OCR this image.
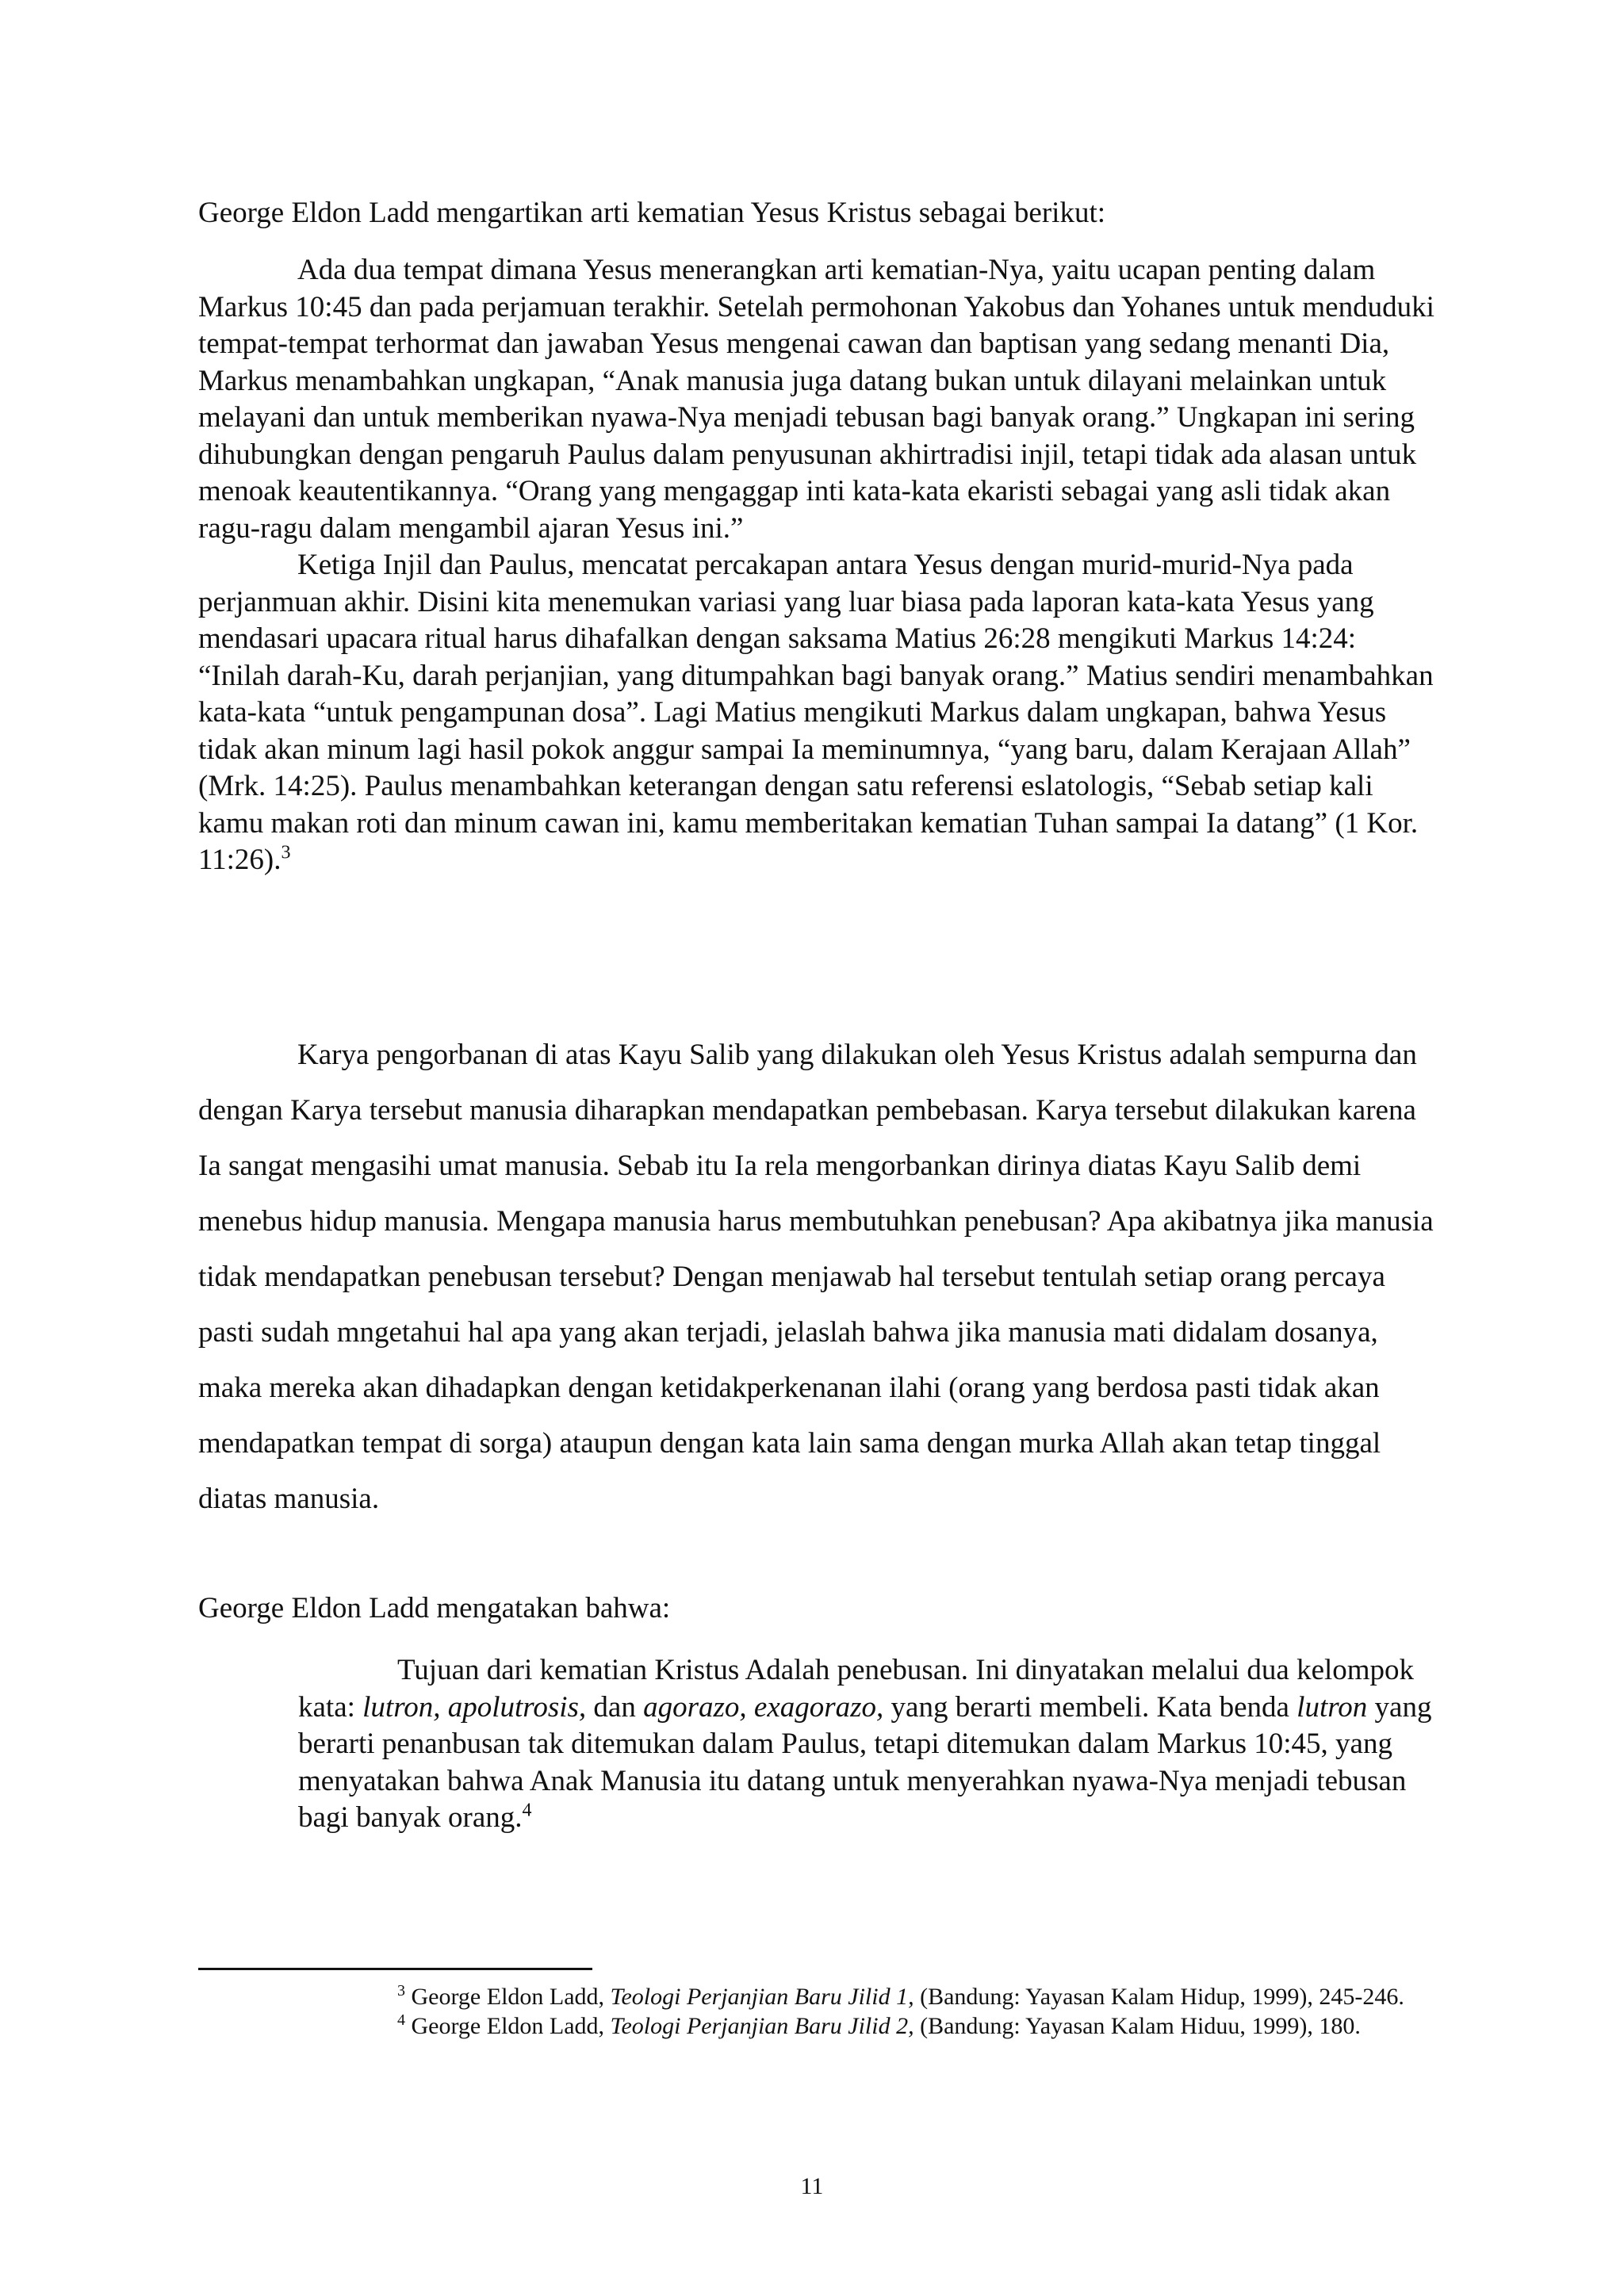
George Eldon Ladd mengartikan arti kematian Yesus Kristus sebagai berikut:

Ada dua tempat dimana Yesus menerangkan arti kematian-Nya, yaitu ucapan penting dalam Markus 10:45 dan pada perjamuan terakhir. Setelah permohonan Yakobus dan Yohanes untuk menduduki tempat-tempat terhormat dan jawaban Yesus mengenai cawan dan baptisan yang sedang menanti Dia, Markus menambahkan ungkapan, “Anak manusia juga datang bukan untuk dilayani melainkan untuk melayani dan untuk memberikan nyawa-Nya menjadi tebusan bagi banyak orang.” Ungkapan ini sering dihubungkan dengan pengaruh Paulus dalam penyusunan akhirtradisi injil, tetapi tidak ada alasan untuk menoak keautentikannya. “Orang yang mengaggap inti kata-kata ekaristi sebagai yang asli tidak akan ragu-ragu dalam mengambil ajaran Yesus ini.”

Ketiga Injil dan Paulus, mencatat percakapan antara Yesus dengan murid-murid-Nya pada perjanmuan akhir. Disini kita menemukan variasi yang luar biasa pada laporan kata-kata Yesus yang mendasari upacara ritual harus dihafalkan dengan saksama Matius 26:28 mengikuti Markus 14:24: “Inilah darah-Ku, darah perjanjian, yang ditumpahkan bagi banyak orang.” Matius sendiri menambahkan kata-kata “untuk pengampunan dosa”. Lagi Matius mengikuti Markus dalam ungkapan, bahwa Yesus tidak akan minum lagi hasil pokok anggur sampai Ia meminumnya, “yang baru, dalam Kerajaan Allah” (Mrk. 14:25). Paulus menambahkan keterangan dengan satu referensi eslatologis, “Sebab setiap kali kamu makan roti dan minum cawan ini, kamu memberitakan kematian Tuhan sampai Ia datang” (1 Kor. 11:26).$^3$

Karya pengorbanan di atas Kayu Salib yang dilakukan oleh Yesus Kristus adalah sempurna dan dengan Karya tersebut manusia diharapkan mendapatkan pembebasan. Karya tersebut dilakukan karena Ia sangat mengasihi umat manusia. Sebab itu Ia rela mengorbankan dirinya diatas Kayu Salib demi menebus hidup manusia. Mengapa manusia harus membutuhkan penebusan? Apa akibatnya jika manusia tidak mendapatkan penebusan tersebut? Dengan menjawab hal tersebut tentulah setiap orang percaya pasti sudah mngetahui hal apa yang akan terjadi, jelaslah bahwa jika manusia mati didalam dosanya, maka mereka akan dihadapkan dengan ketidakperkenanan ilahi (orang yang berdosa pasti tidak akan mendapatkan tempat di sorga) ataupun dengan kata lain sama dengan murka Allah akan tetap tinggal diatas manusia.

George Eldon Ladd mengatakan bahwa:

Tujuan dari kematian Kristus Adalah penebusan. Ini dinyatakan melalui dua kelompok kata: lutron, apolutrosis, dan agorazo, exagorazo, yang berarti membeli. Kata benda lutron yang berarti penanbusan tak ditemukan dalam Paulus, tetapi ditemukan dalam Markus 10:45, yang menyatakan bahwa Anak Manusia itu datang untuk menyerahkan nyawa-Nya menjadi tebusan bagi banyak orang.$^4$

$^3$ George Eldon Ladd, Teologi Perjanjian Baru Jilid 1, (Bandung: Yayasan Kalam Hidup, 1999), 245-246.

$^4$ George Eldon Ladd, Teologi Perjanjian Baru Jilid 2, (Bandung: Yayasan Kalam Hiduu, 1999), 180.

11
